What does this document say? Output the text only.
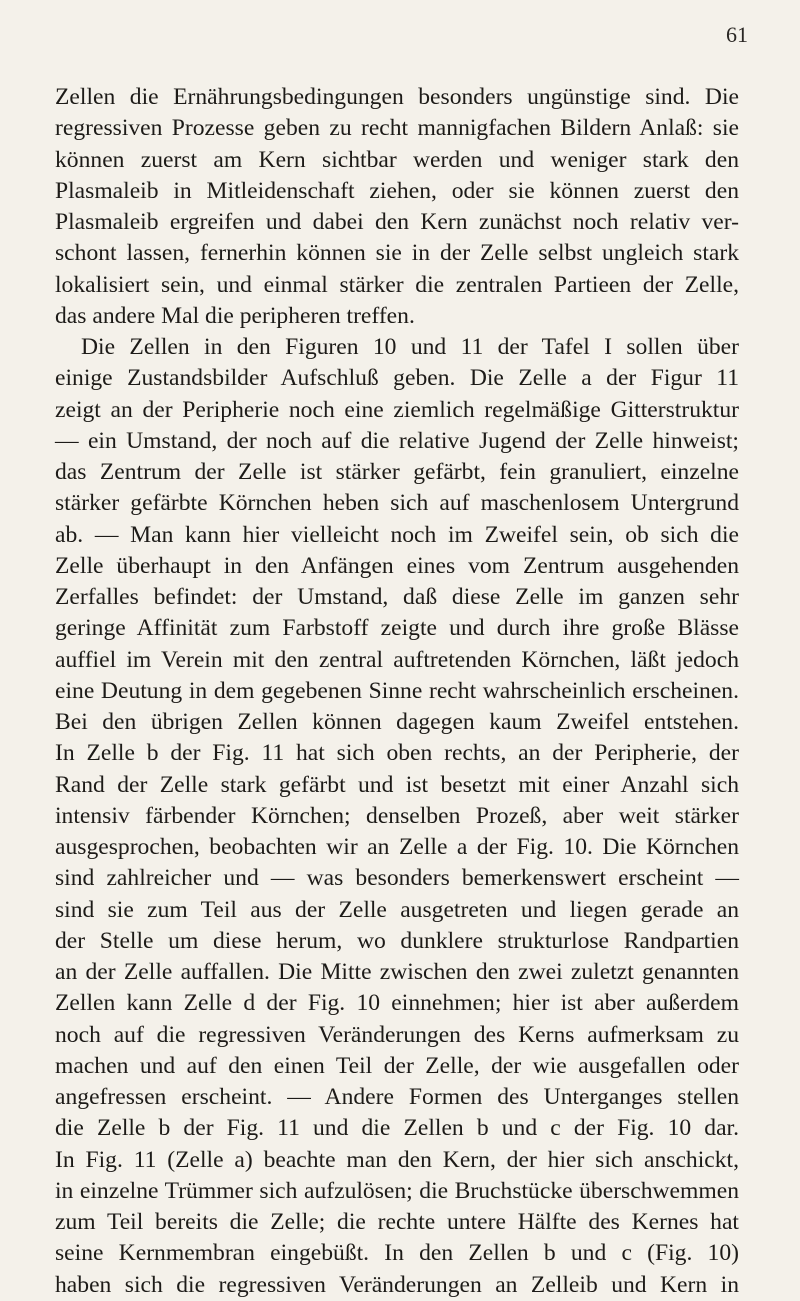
61
Zellen die Ernährungsbedingungen besonders ungünstige sind. Die
regressiven Prozesse geben zu recht mannigfachen Bildern Anlaß: sie
können zuerst am Kern sichtbar werden und weniger stark den
Plasmaleib in Mitleidenschaft ziehen, oder sie können zuerst den
Plasmaleib ergreifen und dabei den Kern zunächst noch relativ ver-
schont lassen, fernerhin können sie in der Zelle selbst ungleich stark
lokalisiert sein, und einmal stärker die zentralen Partieen der Zelle,
das andere Mal die peripheren treffen.
Die Zellen in den Figuren 10 und 11 der Tafel I sollen über
einige Zustandsbilder Aufschluß geben. Die Zelle a der Figur 11
zeigt an der Peripherie noch eine ziemlich regelmäßige Gitterstruktur
— ein Umstand, der noch auf die relative Jugend der Zelle hinweist;
das Zentrum der Zelle ist stärker gefärbt, fein granuliert, einzelne
stärker gefärbte Körnchen heben sich auf maschenlosem Untergrund
ab. — Man kann hier vielleicht noch im Zweifel sein, ob sich die
Zelle überhaupt in den Anfängen eines vom Zentrum ausgehenden
Zerfalles befindet: der Umstand, daß diese Zelle im ganzen sehr
geringe Affinität zum Farbstoff zeigte und durch ihre große Blässe
auffiel im Verein mit den zentral auftretenden Körnchen, läßt jedoch
eine Deutung in dem gegebenen Sinne recht wahrscheinlich erscheinen.
Bei den übrigen Zellen können dagegen kaum Zweifel entstehen.
In Zelle b der Fig. 11 hat sich oben rechts, an der Peripherie, der
Rand der Zelle stark gefärbt und ist besetzt mit einer Anzahl sich
intensiv färbender Körnchen; denselben Prozeß, aber weit stärker
ausgesprochen, beobachten wir an Zelle a der Fig. 10. Die Körnchen
sind zahlreicher und — was besonders bemerkenswert erscheint —
sind sie zum Teil aus der Zelle ausgetreten und liegen gerade an
der Stelle um diese herum, wo dunklere strukturlose Randpartien
an der Zelle auffallen. Die Mitte zwischen den zwei zuletzt genannten
Zellen kann Zelle d der Fig. 10 einnehmen; hier ist aber außerdem
noch auf die regressiven Veränderungen des Kerns aufmerksam zu
machen und auf den einen Teil der Zelle, der wie ausgefallen oder
angefressen erscheint. — Andere Formen des Unterganges stellen
die Zelle b der Fig. 11 und die Zellen b und c der Fig. 10 dar.
In Fig. 11 (Zelle a) beachte man den Kern, der hier sich anschickt,
in einzelne Trümmer sich aufzulösen; die Bruchstücke überschwemmen
zum Teil bereits die Zelle; die rechte untere Hälfte des Kernes hat
seine Kernmembran eingebüßt. In den Zellen b und c (Fig. 10)
haben sich die regressiven Veränderungen an Zelleib und Kern in
